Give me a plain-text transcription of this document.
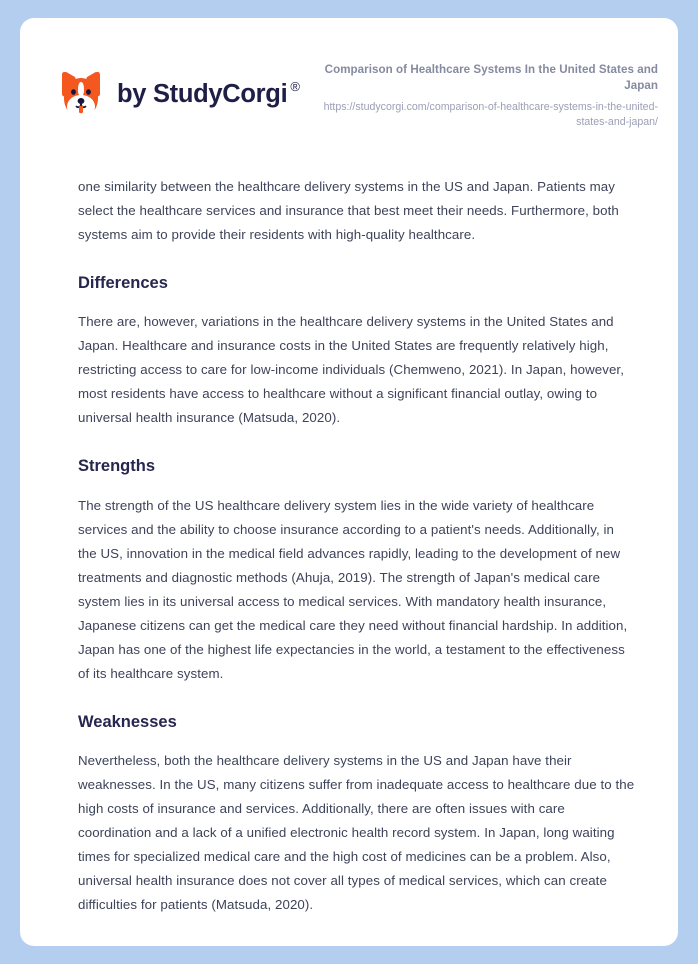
by StudyCorgi ®
Comparison of Healthcare Systems In the United States and Japan
https://studycorgi.com/comparison-of-healthcare-systems-in-the-united-states-and-japan/

one similarity between the healthcare delivery systems in the US and Japan. Patients may select the healthcare services and insurance that best meet their needs. Furthermore, both systems aim to provide their residents with high-quality healthcare.

Differences

There are, however, variations in the healthcare delivery systems in the United States and Japan. Healthcare and insurance costs in the United States are frequently relatively high, restricting access to care for low-income individuals (Chemweno, 2021). In Japan, however, most residents have access to healthcare without a significant financial outlay, owing to universal health insurance (Matsuda, 2020).

Strengths

The strength of the US healthcare delivery system lies in the wide variety of healthcare services and the ability to choose insurance according to a patient's needs. Additionally, in the US, innovation in the medical field advances rapidly, leading to the development of new treatments and diagnostic methods (Ahuja, 2019). The strength of Japan's medical care system lies in its universal access to medical services. With mandatory health insurance, Japanese citizens can get the medical care they need without financial hardship. In addition, Japan has one of the highest life expectancies in the world, a testament to the effectiveness of its healthcare system.

Weaknesses

Nevertheless, both the healthcare delivery systems in the US and Japan have their weaknesses. In the US, many citizens suffer from inadequate access to healthcare due to the high costs of insurance and services. Additionally, there are often issues with care coordination and a lack of a unified electronic health record system. In Japan, long waiting times for specialized medical care and the high cost of medicines can be a problem. Also, universal health insurance does not cover all types of medical services, which can create difficulties for patients (Matsuda, 2020).
